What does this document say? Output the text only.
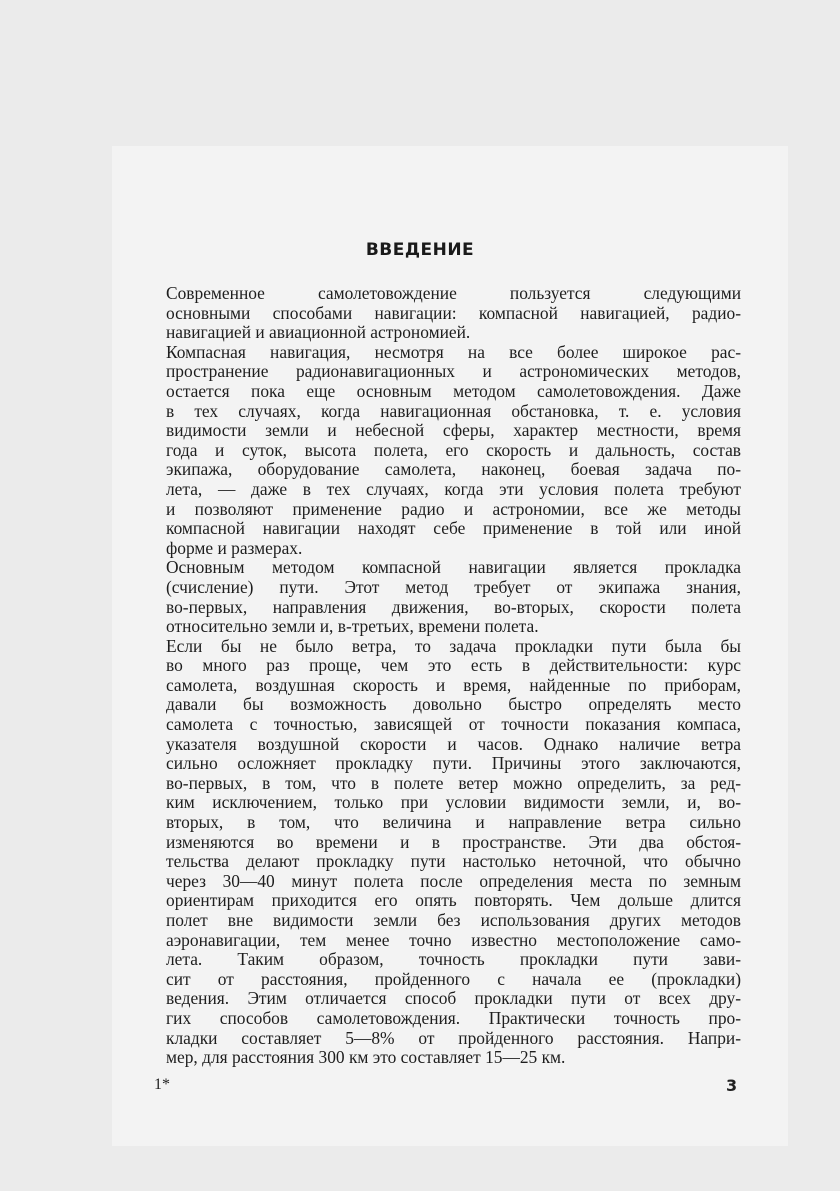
ВВЕДЕНИЕ
Современное самолетовождение пользуется следующими
основными способами навигации: компасной навигацией, радио-
навигацией и авиационной астрономией.
Компасная навигация, несмотря на все более широкое рас-
пространение радионавигационных и астрономических методов,
остается пока еще основным методом самолетовождения. Даже
в тех случаях, когда навигационная обстановка, т. е. условия
видимости земли и небесной сферы, характер местности, время
года и суток, высота полета, его скорость и дальность, состав
экипажа, оборудование самолета, наконец, боевая задача по-
лета, — даже в тех случаях, когда эти условия полета требуют
и позволяют применение радио и астрономии, все же методы
компасной навигации находят себе применение в той или иной
форме и размерах.
Основным методом компасной навигации является прокладка
(счисление) пути. Этот метод требует от экипажа знания,
во-первых, направления движения, во-вторых, скорости полета
относительно земли и, в-третьих, времени полета.
Если бы не было ветра, то задача прокладки пути была бы
во много раз проще, чем это есть в действительности: курс
самолета, воздушная скорость и время, найденные по приборам,
давали бы возможность довольно быстро определять место
самолета с точностью, зависящей от точности показания компаса,
указателя воздушной скорости и часов. Однако наличие ветра
сильно осложняет прокладку пути. Причины этого заключаются,
во-первых, в том, что в полете ветер можно определить, за ред-
ким исключением, только при условии видимости земли, и, во-
вторых, в том, что величина и направление ветра сильно
изменяются во времени и в пространстве. Эти два обстоя-
тельства делают прокладку пути настолько неточной, что обычно
через 30—40 минут полета после определения места по земным
ориентирам приходится его опять повторять. Чем дольше длится
полет вне видимости земли без использования других методов
аэронавигации, тем менее точно известно местоположение само-
лета. Таким образом, точность прокладки пути зави-
сит от расстояния, пройденного с начала ее (прокладки)
ведения. Этим отличается способ прокладки пути от всех дру-
гих способов самолетовождения. Практически точность про-
кладки составляет 5—8% от пройденного расстояния. Напри-
мер, для расстояния 300 км это составляет 15—25 км.
1*	3
